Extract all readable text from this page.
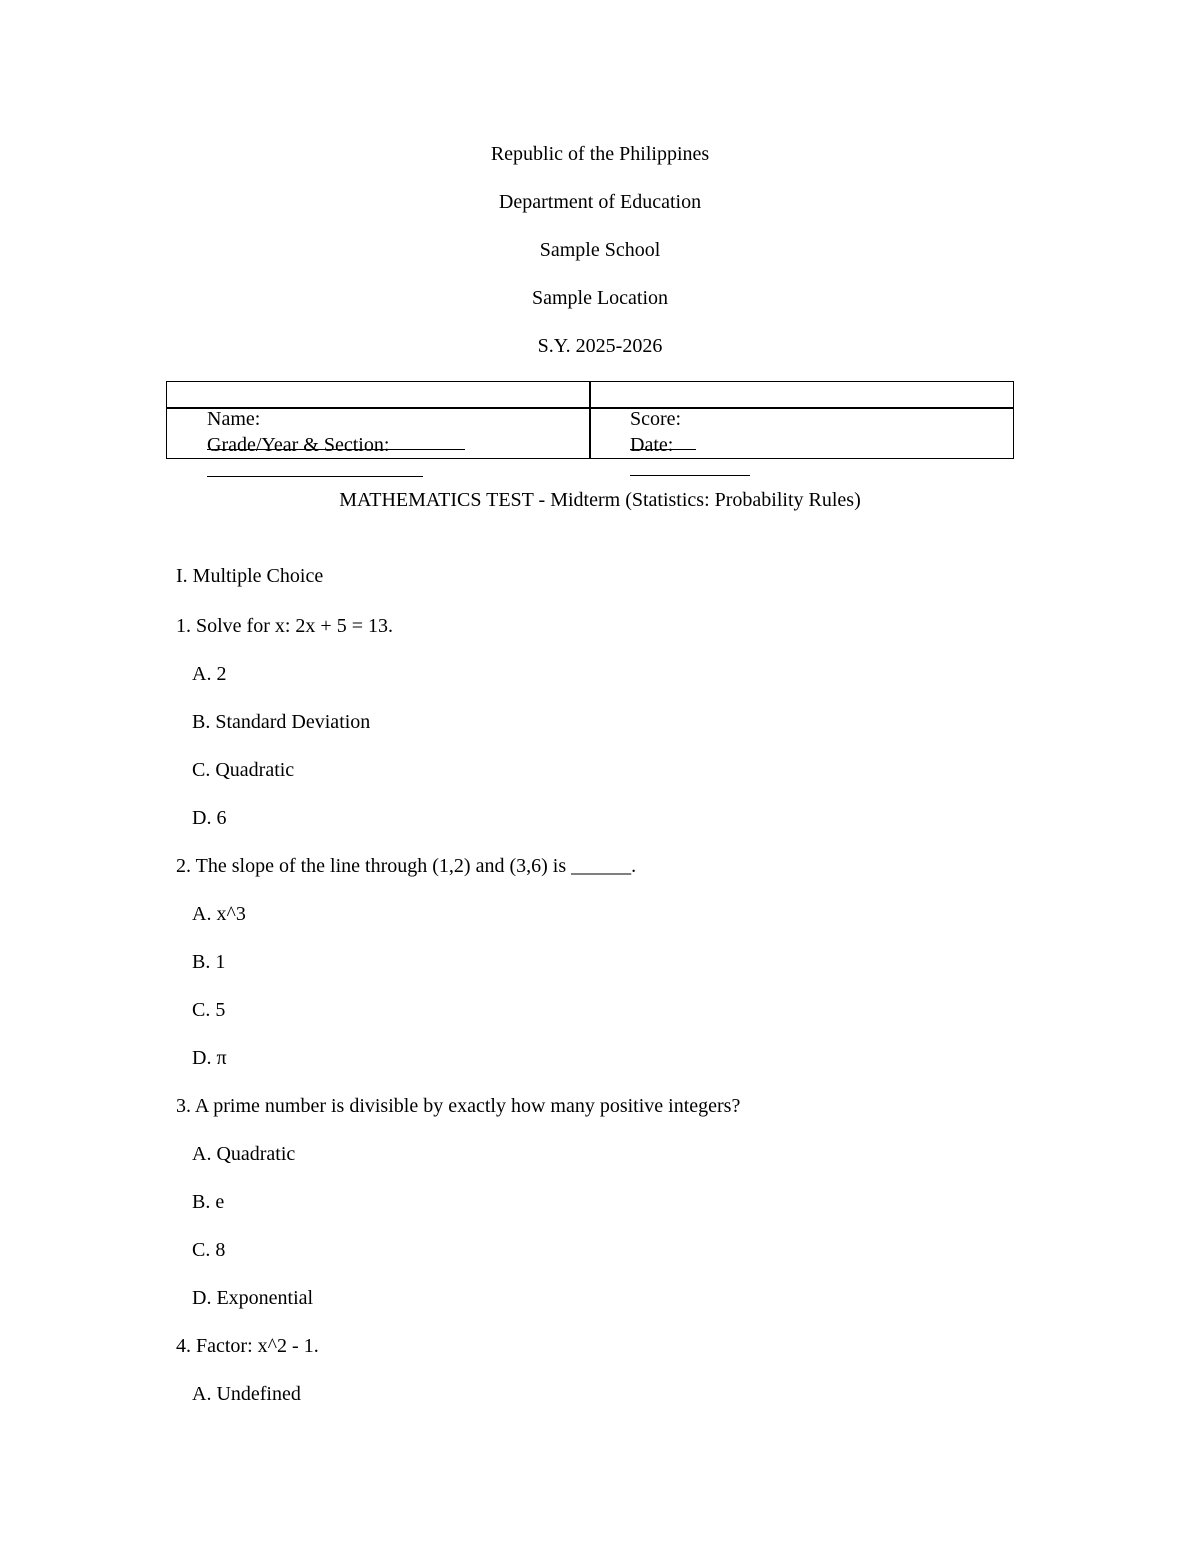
Republic of the Philippines
Department of Education
Sample School
Sample Location
S.Y. 2025-2026

Name:

	Score:

Grade/Year & Section:

	Date:

MATHEMATICS TEST - Midterm (Statistics: Probability Rules)
I. Multiple Choice
1. Solve for x: 2x + 5 = 13.
A. 2
B. Standard Deviation
C. Quadratic
D. 6
2. The slope of the line through (1,2) and (3,6) is ______.
A. x^3
B. 1
C. 5
D. π
3. A prime number is divisible by exactly how many positive integers?
A. Quadratic
B. e
C. 8
D. Exponential
4. Factor: x^2 - 1.
A. Undefined
